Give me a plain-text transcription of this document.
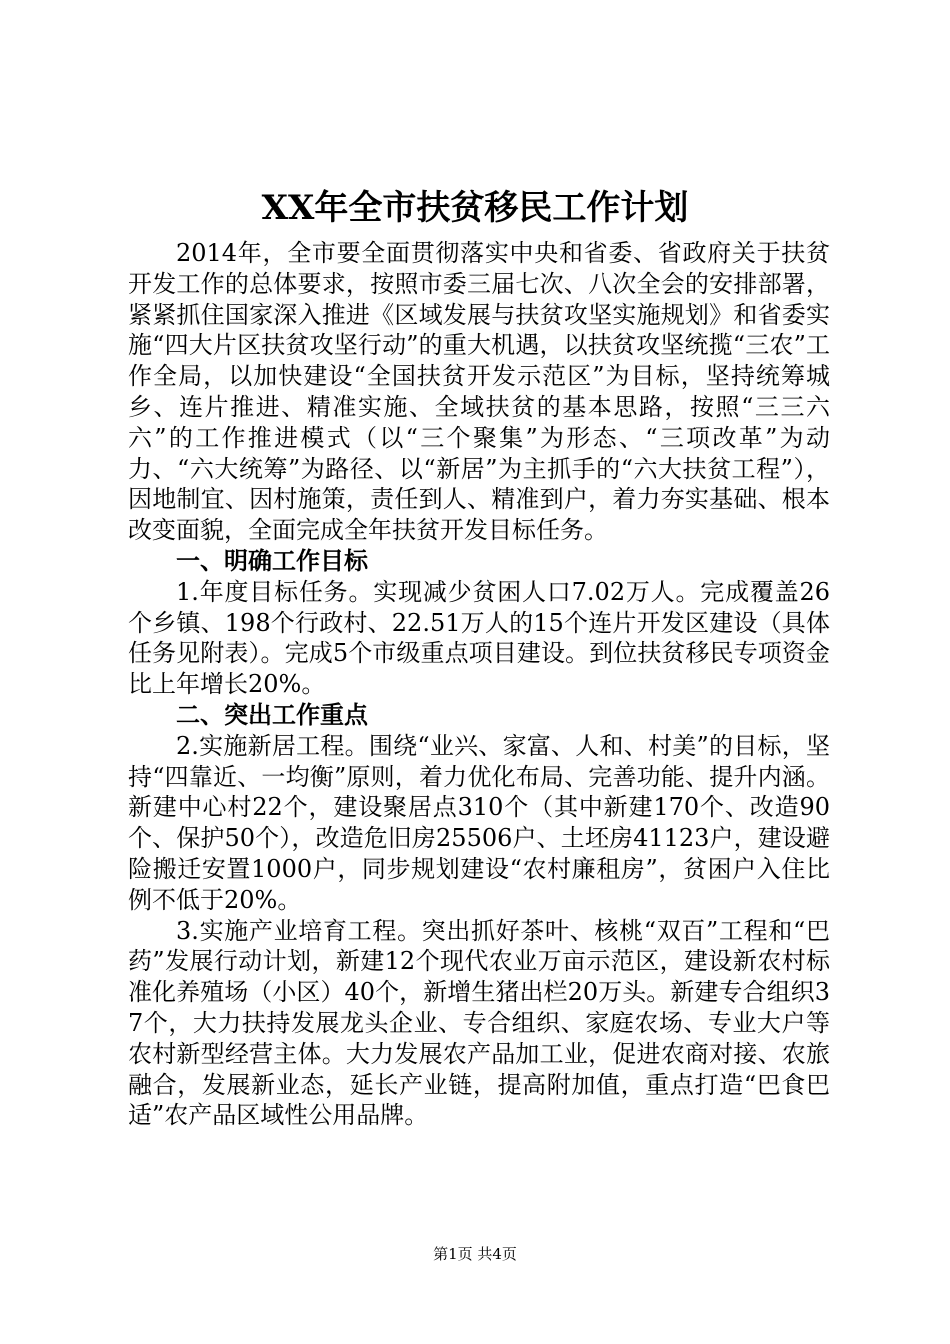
XX年全市扶贫移民工作计划

2014年，全市要全面贯彻落实中央和省委、省政府关于扶贫开发工作的总体要求，按照市委三届七次、八次全会的安排部署，紧紧抓住国家深入推进《区域发展与扶贫攻坚实施规划》和省委实施“四大片区扶贫攻坚行动”的重大机遇，以扶贫攻坚统揽“三农”工作全局，以加快建设“全国扶贫开发示范区”为目标，坚持统筹城乡、连片推进、精准实施、全域扶贫的基本思路，按照“三三六六”的工作推进模式（以“三个聚集”为形态、“三项改革”为动力、“六大统筹”为路径、以“新居”为主抓手的“六大扶贫工程”），因地制宜、因村施策，责任到人、精准到户，着力夯实基础、根本改变面貌，全面完成全年扶贫开发目标任务。

一、明确工作目标

1.年度目标任务。实现减少贫困人口7.02万人。完成覆盖26个乡镇、198个行政村、22.51万人的15个连片开发区建设（具体任务见附表）。完成5个市级重点项目建设。到位扶贫移民专项资金比上年增长20%。

二、突出工作重点

2.实施新居工程。围绕“业兴、家富、人和、村美”的目标，坚持“四靠近、一均衡”原则，着力优化布局、完善功能、提升内涵。新建中心村22个，建设聚居点310个（其中新建170个、改造90个、保护50个），改造危旧房25506户、土坯房41123户，建设避险搬迁安置1000户，同步规划建设“农村廉租房”，贫困户入住比例不低于20%。

3.实施产业培育工程。突出抓好茶叶、核桃“双百”工程和“巴药”发展行动计划，新建12个现代农业万亩示范区，建设新农村标准化养殖场（小区）40个，新增生猪出栏20万头。新建专合组织37个，大力扶持发展龙头企业、专合组织、家庭农场、专业大户等农村新型经营主体。大力发展农产品加工业，促进农商对接、农旅融合，发展新业态，延长产业链，提高附加值，重点打造“巴食巴适”农产品区域性公用品牌。

第1页 共4页
